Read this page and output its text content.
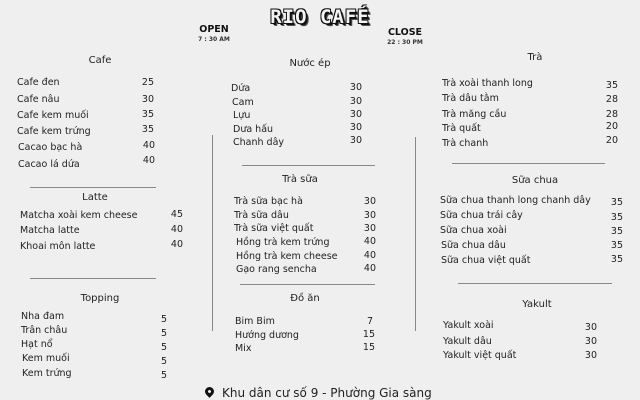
RIO CAFÉ
OPEN
7 : 30 AM
CLOSE
22 : 30 PM
Cafe
Cafe đen	25
Cafe nâu	30
Cafe kem muối	35
Cafe kem trứng	35
Cacao bạc hà	40
Cacao lá dứa	40
Latte
Matcha xoài kem cheese	45
Matcha latte	40
Khoai môn latte	40
Topping
Nha đam	5
Trân châu	5
Hạt nổ	5
Kem muối	5
Kem trứng	5
Nước ép
Dứa	30
Cam	30
Lựu	30
Dưa hấu	30
Chanh dây	30
Trà sữa
Trà sữa bạc hà	30
Trà sữa dâu	30
Trà sữa việt quất	30
Hồng trà kem trứng	40
Hồng trà kem cheese	40
Gạo rang sencha	40
Đồ ăn
Bim Bim	7
Hướng dương	15
Mix	15
Trà
Trà xoài thanh long	35
Trà dâu tằm	28
Trà măng cầu	28
Trà quất	20
Trà chanh	20
Sữa chua
Sữa chua thanh long chanh dây	35
Sữa chua trái cây	35
Sữa chua xoài	35
Sữa chua dâu	35
Sữa chua việt quất	35
Yakult
Yakult xoài	30
Yakult dâu	30
Yakult việt quất	30
Khu dân cư số 9 - Phường Gia sàng
